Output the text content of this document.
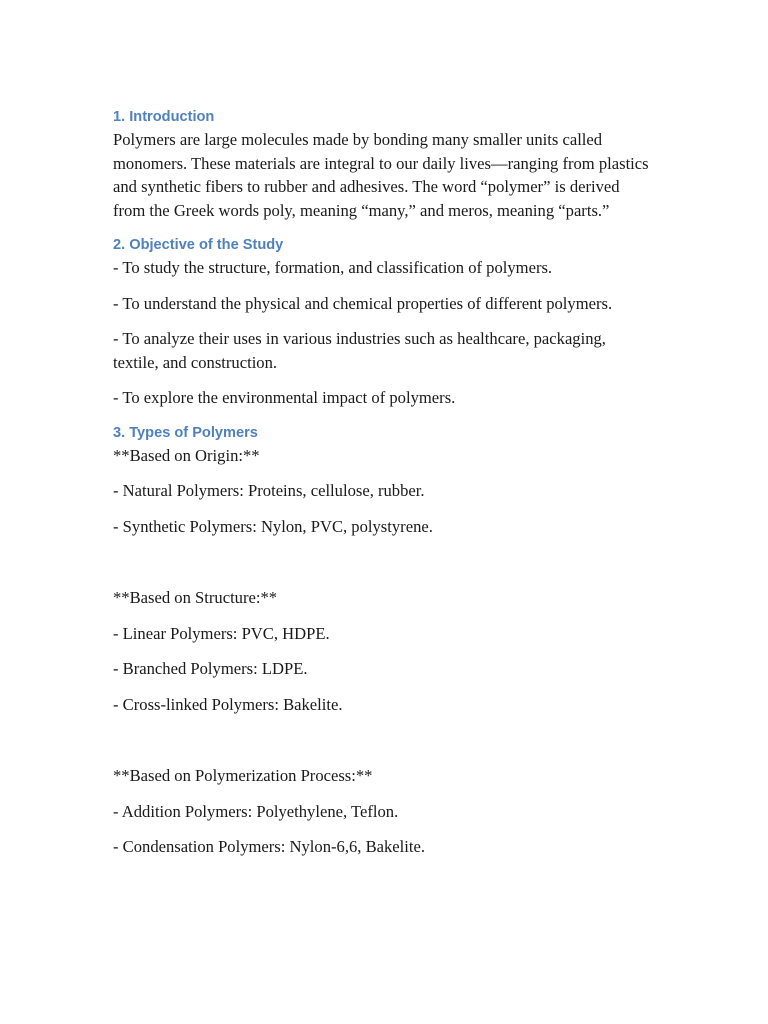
1. Introduction

Polymers are large molecules made by bonding many smaller units called monomers. These materials are integral to our daily lives—ranging from plastics and synthetic fibers to rubber and adhesives. The word “polymer” is derived from the Greek words poly, meaning “many,” and meros, meaning “parts.”

2. Objective of the Study

- To study the structure, formation, and classification of polymers.

- To understand the physical and chemical properties of different polymers.

- To analyze their uses in various industries such as healthcare, packaging, textile, and construction.

- To explore the environmental impact of polymers.

3. Types of Polymers

**Based on Origin:**

- Natural Polymers: Proteins, cellulose, rubber.

- Synthetic Polymers: Nylon, PVC, polystyrene.

**Based on Structure:**

- Linear Polymers: PVC, HDPE.

- Branched Polymers: LDPE.

- Cross-linked Polymers: Bakelite.

**Based on Polymerization Process:**

- Addition Polymers: Polyethylene, Teflon.

- Condensation Polymers: Nylon-6,6, Bakelite.
